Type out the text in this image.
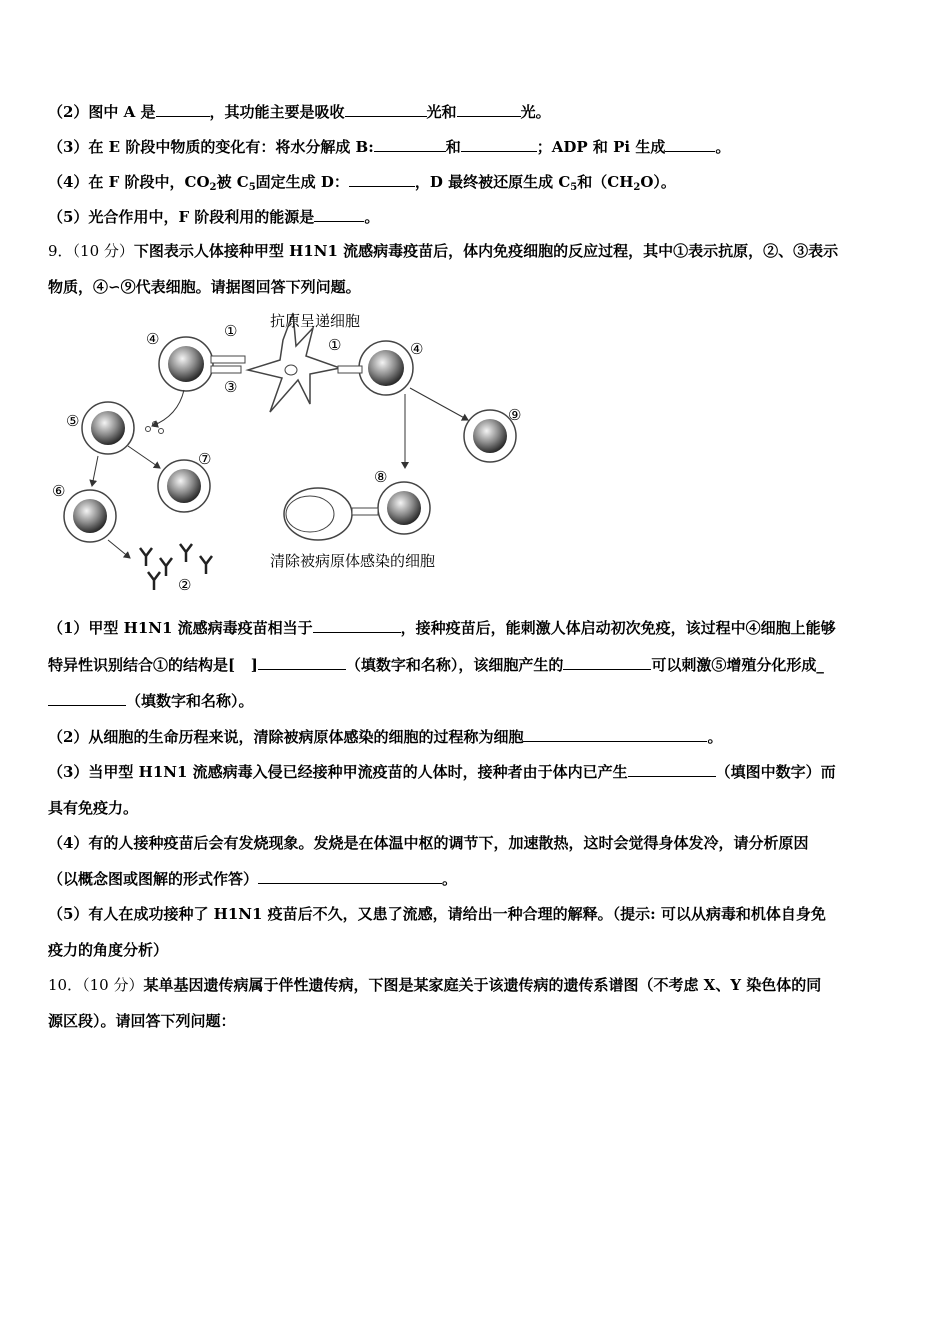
（2）图中 A 是	，其功能主要是吸收	光和	光。
（3）在 E 阶段中物质的变化有：将水分解成 B:	和	；ADP 和 Pi 生成	。
（4）在 F 阶段中，$CO_2$被 $C_5$固定生成 D：	，D 最终被还原生成 $C_5$和$(CH_2O)$。
（5）光合作用中，F 阶段利用的能源是	。
9．（10 分）下图表示人体接种甲型 H1N1 流感病毒疫苗后，体内免疫细胞的反应过程，其中①表示抗原，②、③表示
物质，④∽⑨代表细胞。请据图回答下列问题。
抗原呈递细胞
④	①
③
④
①
⑤
⑦
⑥
②
⑨
⑧
清除被病原体感染的细胞
（1）甲型 H1N1 流感病毒疫苗相当于	，接种疫苗后，能刺激人体启动初次免疫，该过程中④细胞上能够
特异性识别结合①的结构是[ ]	（填数字和名称），该细胞产生的	可以刺激⑤增殖分化形成_
（填数字和名称）。
（2）从细胞的生命历程来说，清除被病原体感染的细胞的过程称为细胞	。
（3）当甲型 H1N1 流感病毒入侵已经接种甲流疫苗的人体时，接种者由于体内已产生	（填图中数字）而
具有免疫力。
（4）有的人接种疫苗后会有发烧现象。发烧是在体温中枢的调节下，加速散热，这时会觉得身体发冷，请分析原因
（以概念图或图解的形式作答）	。
（5）有人在成功接种了 H1N1 疫苗后不久，又患了流感，请给出一种合理的解释。（提示: 可以从病毒和机体自身免
疫力的角度分析）
10．（10 分）某单基因遗传病属于伴性遗传病，下图是某家庭关于该遗传病的遗传系谱图（不考虑 X、Y 染色体的同
源区段）。请回答下列问题：
